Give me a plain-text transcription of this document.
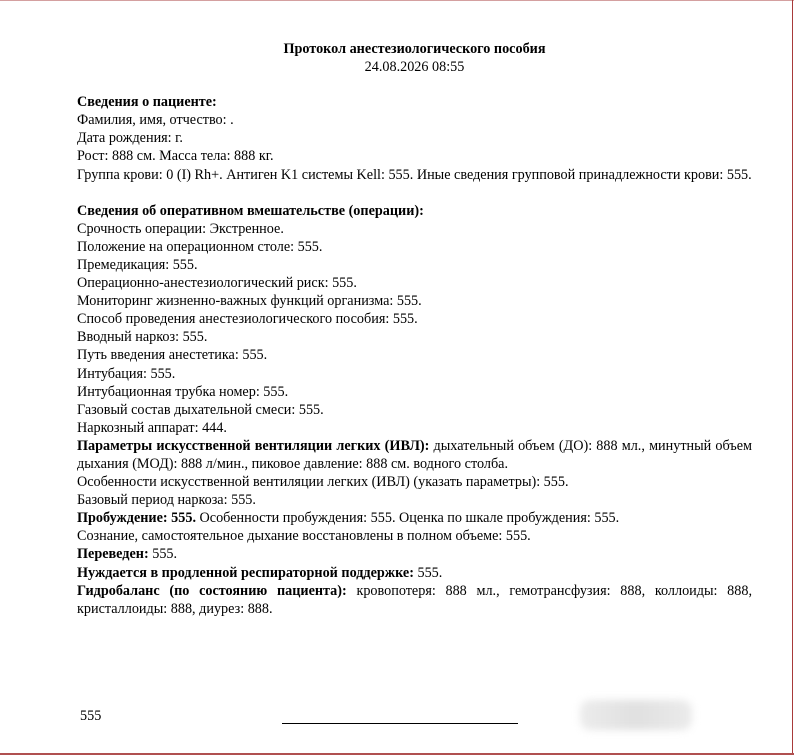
Протокол анестезиологического пособия
24.08.2026 08:55
Сведения о пациенте:
Фамилия, имя, отчество: .
Дата рождения: г.
Рост: 888 см. Масса тела: 888 кг.
Группа крови: 0 (I) Rh+. Антиген K1 системы Kell: 555. Иные сведения групповой принадлежности крови: 555.
Сведения об оперативном вмешательстве (операции):
Срочность операции: Экстренное.
Положение на операционном столе: 555.
Премедикация: 555.
Операционно-анестезиологический риск: 555.
Мониторинг жизненно-важных функций организма: 555.
Способ проведения анестезиологического пособия: 555.
Вводный наркоз: 555.
Путь введения анестетика: 555.
Интубация: 555.
Интубационная трубка номер: 555.
Газовый состав дыхательной смеси: 555.
Наркозный аппарат: 444.
Параметры искусственной вентиляции легких (ИВЛ): дыхательный объем (ДО): 888 мл., минутный объем дыхания (МОД): 888 л/мин., пиковое давление: 888 см. водного столба.
Особенности искусственной вентиляции легких (ИВЛ) (указать параметры): 555.
Базовый период наркоза: 555.
Пробуждение: 555. Особенности пробуждения: 555. Оценка по шкале пробуждения: 555.
Сознание, самостоятельное дыхание восстановлены в полном объеме: 555.
Переведен: 555.
Нуждается в продленной респираторной поддержке: 555.
Гидробаланс (по состоянию пациента): кровопотеря: 888 мл., гемотрансфузия: 888, коллоиды: 888, кристаллоиды: 888, диурез: 888.
555
